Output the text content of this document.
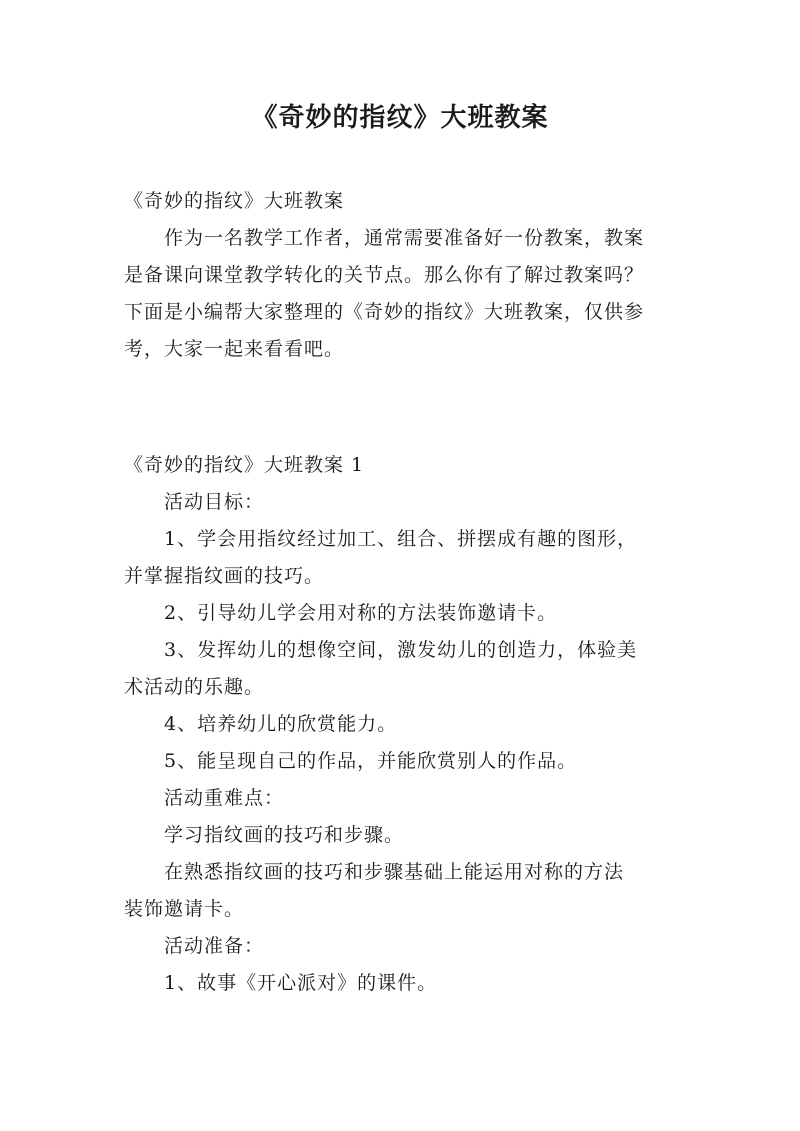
《奇妙的指纹》大班教案

《奇妙的指纹》大班教案

作为一名教学工作者，通常需要准备好一份教案，教案

是备课向课堂教学转化的关节点。那么你有了解过教案吗？

下面是小编帮大家整理的《奇妙的指纹》大班教案，仅供参

考，大家一起来看看吧。

《奇妙的指纹》大班教案 1

活动目标：

1、学会用指纹经过加工、组合、拼摆成有趣的图形，

并掌握指纹画的技巧。

2、引导幼儿学会用对称的方法装饰邀请卡。

3、发挥幼儿的想像空间，激发幼儿的创造力，体验美

术活动的乐趣。

4、培养幼儿的欣赏能力。

5、能呈现自己的作品，并能欣赏别人的作品。

活动重难点：

学习指纹画的技巧和步骤。

在熟悉指纹画的技巧和步骤基础上能运用对称的方法

装饰邀请卡。

活动准备：

1、故事《开心派对》的课件。
